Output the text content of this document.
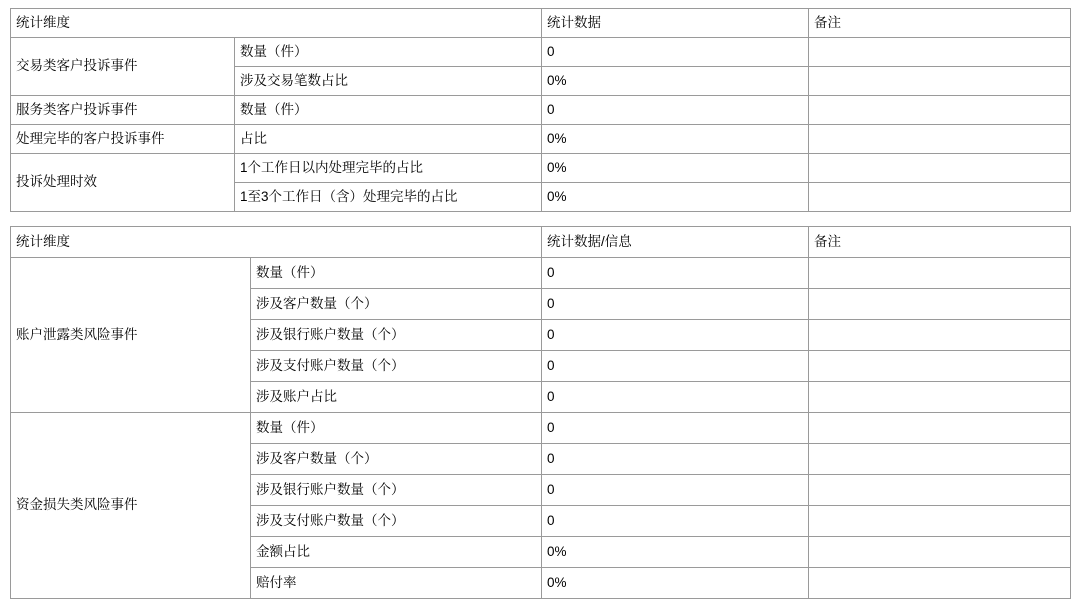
统计维度		统计数据	备注
交易类客户投诉事件	数量（件）	0	
	涉及交易笔数占比	0%	
服务类客户投诉事件	数量（件）	0	
处理完毕的客户投诉事件	占比	0%	
投诉处理时效	1个工作日以内处理完毕的占比	0%	
	1至3个工作日（含）处理完毕的占比	0%	
统计维度		统计数据/信息	备注
账户泄露类风险事件	数量（件）	0	
	涉及客户数量（个）	0	
	涉及银行账户数量（个）	0	
	涉及支付账户数量（个）	0	
	涉及账户占比	0	
资金损失类风险事件	数量（件）	0	
	涉及客户数量（个）	0	
	涉及银行账户数量（个）	0	
	涉及支付账户数量（个）	0	
	金额占比	0%	
	赔付率	0%	
